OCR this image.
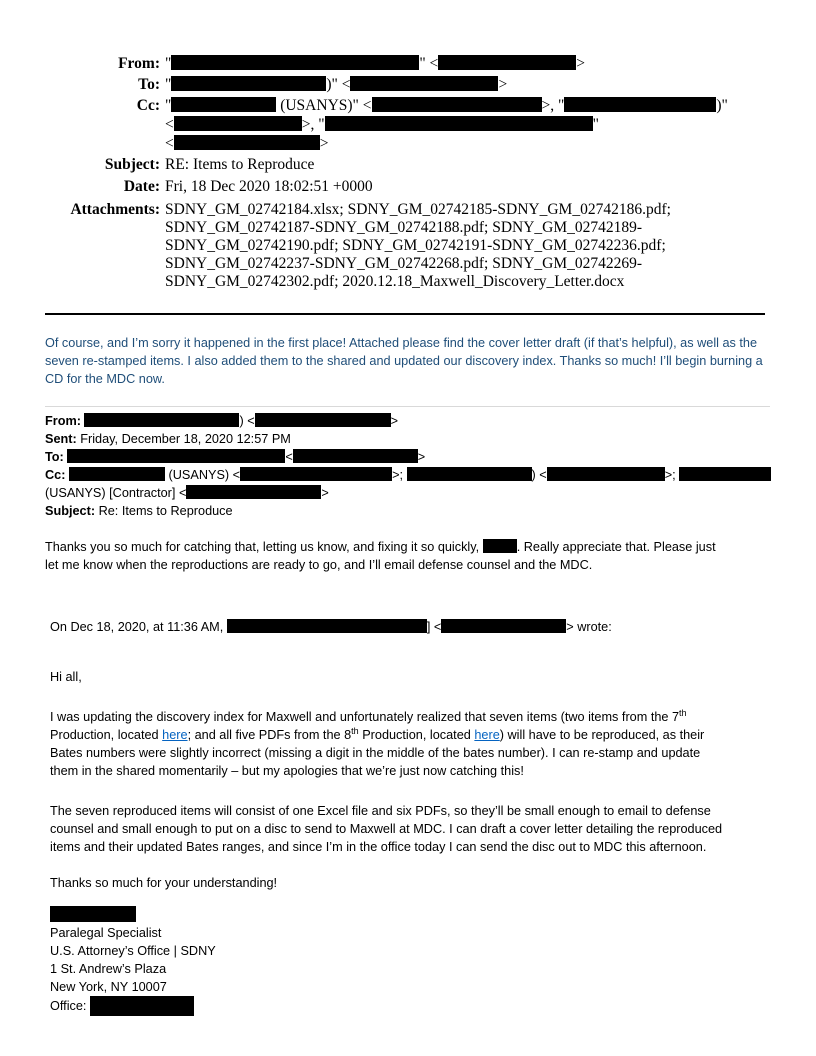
From: "	" <	>
To: "	)" <	>
Cc: "	(USANYS)" <	>, "	)"
<	>, "	"
<	>
Subject: RE: Items to Reproduce
Date: Fri, 18 Dec 2020 18:02:51 +0000
Attachments: SDNY_GM_02742184.xlsx; SDNY_GM_02742185-SDNY_GM_02742186.pdf;
SDNY_GM_02742187-SDNY_GM_02742188.pdf; SDNY_GM_02742189-
SDNY_GM_02742190.pdf; SDNY_GM_02742191-SDNY_GM_02742236.pdf;
SDNY_GM_02742237-SDNY_GM_02742268.pdf; SDNY_GM_02742269-
SDNY_GM_02742302.pdf; 2020.12.18_Maxwell_Discovery_Letter.docx
Of course, and I’m sorry it happened in the first place! Attached please find the cover letter draft (if that’s helpful), as well as the seven re-stamped items. I also added them to the shared and updated our discovery index. Thanks so much! I’ll begin burning a CD for the MDC now.
From:	) <	>
Sent: Friday, December 18, 2020 12:57 PM
To:	<	>
Cc:	(USANYS) <	>;	) <	>;
(USANYS) [Contractor] <	>
Subject: Re: Items to Reproduce
Thanks you so much for catching that, letting us know, and fixing it so quickly,	. Really appreciate that. Please just
let me know when the reproductions are ready to go, and I’ll email defense counsel and the MDC.
On Dec 18, 2020, at 11:36 AM,	] <	> wrote:
Hi all,
I was updating the discovery index for Maxwell and unfortunately realized that seven items (two items from the 7th
Production, located here; and all five PDFs from the 8th Production, located here) will have to be reproduced, as their
Bates numbers were slightly incorrect (missing a digit in the middle of the bates number). I can re-stamp and update
them in the shared momentarily – but my apologies that we’re just now catching this!
The seven reproduced items will consist of one Excel file and six PDFs, so they’ll be small enough to email to defense
counsel and small enough to put on a disc to send to Maxwell at MDC. I can draft a cover letter detailing the reproduced
items and their updated Bates ranges, and since I’m in the office today I can send the disc out to MDC this afternoon.
Thanks so much for your understanding!
Paralegal Specialist
U.S. Attorney’s Office | SDNY
1 St. Andrew’s Plaza
New York, NY 10007
Office:
